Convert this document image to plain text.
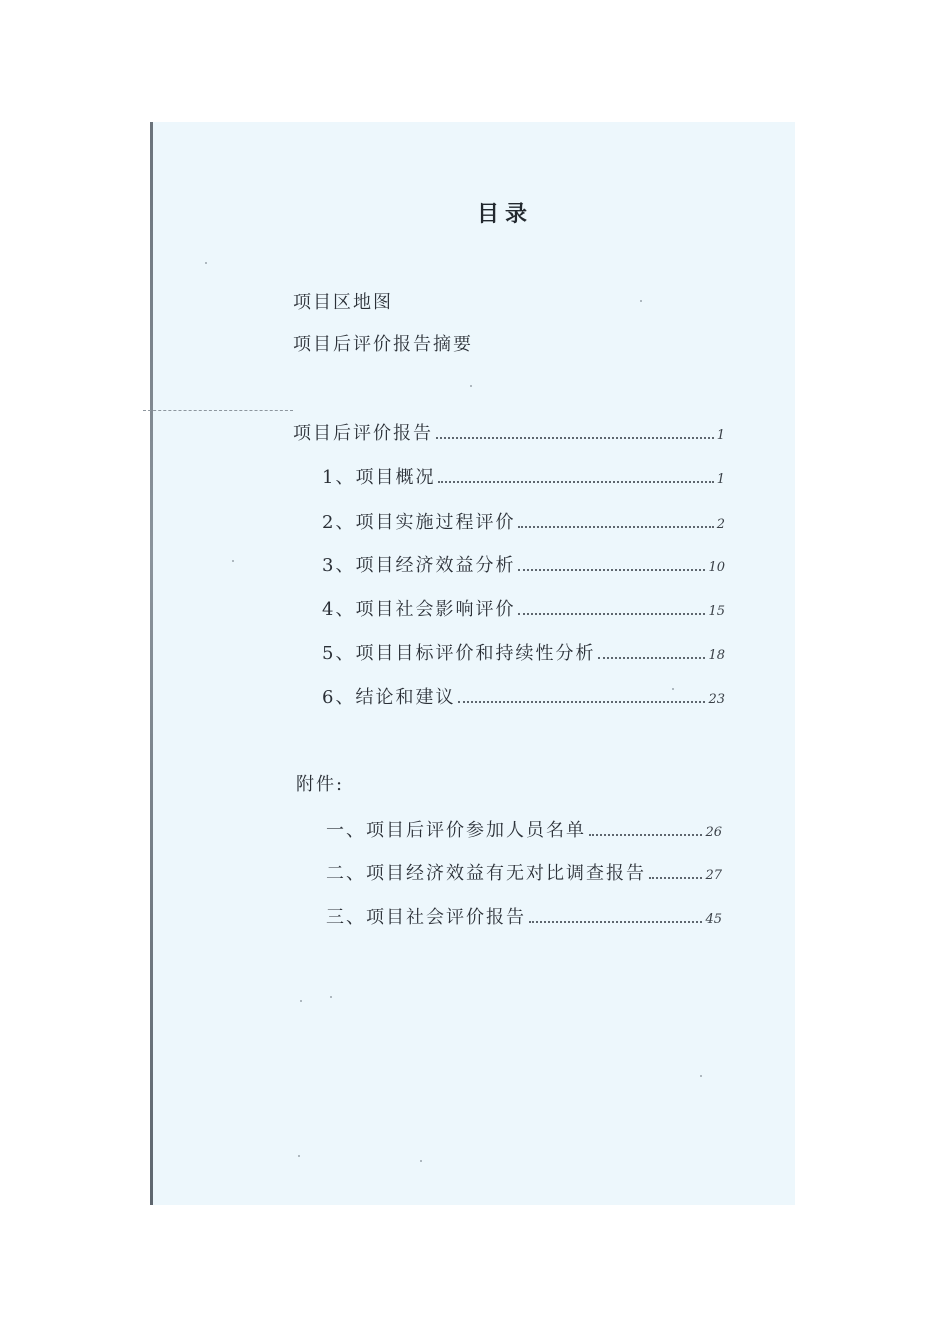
目录
项目区地图
项目后评价报告摘要
项目后评价报告	1
1、项目概况	1
2、项目实施过程评价	2
3、项目经济效益分析	10
4、项目社会影响评价	15
5、项目目标评价和持续性分析	18
6、结论和建议	23
附件:
一、项目后评价参加人员名单	26
二、项目经济效益有无对比调查报告	27
三、项目社会评价报告	45
